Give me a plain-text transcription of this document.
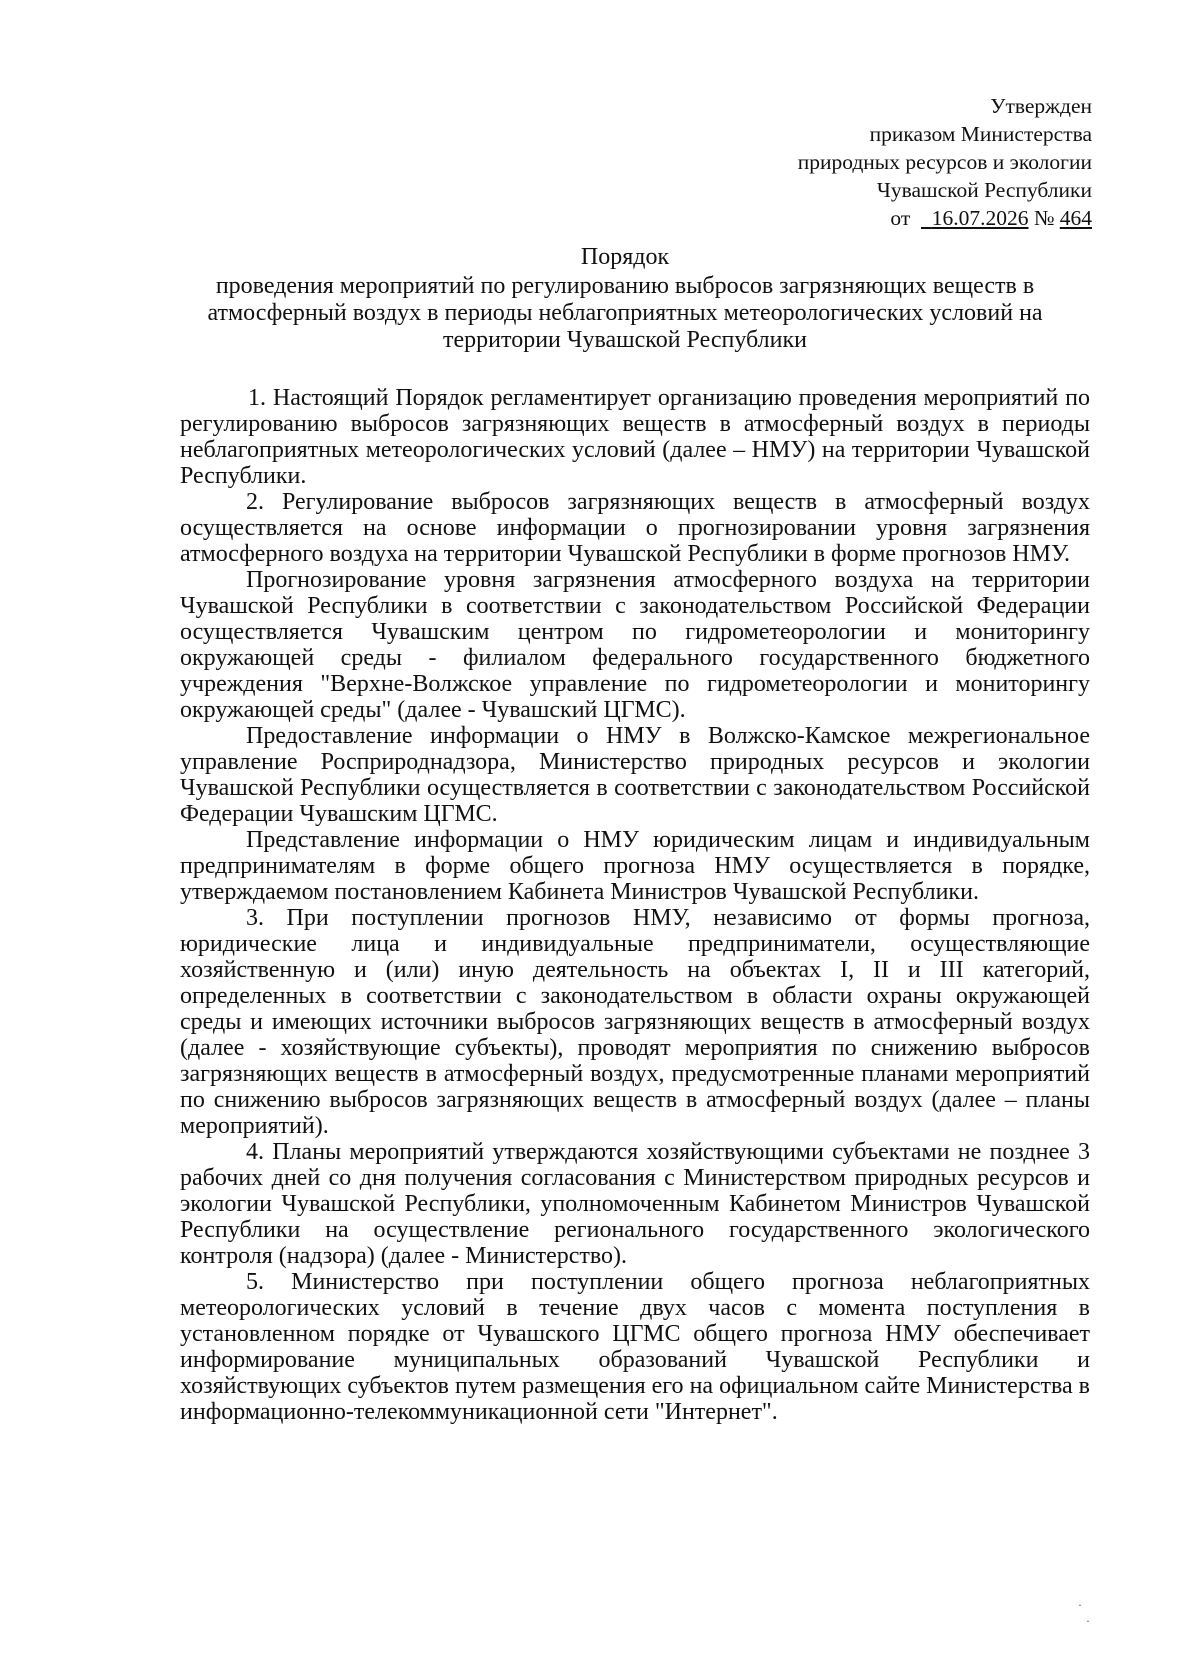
Утвержден
приказом Министерства
природных ресурсов и экологии
Чувашской Республики
от 16.07.2026 № 464
Порядок
проведения мероприятий по регулированию выбросов загрязняющих веществ в атмосферный воздух в периоды неблагоприятных метеорологических условий на территории Чувашской Республики

1. Настоящий Порядок регламентирует организацию проведения мероприятий по регулированию выбросов загрязняющих веществ в атмосферный воздух в периоды неблагоприятных метеорологических условий (далее – НМУ) на территории Чувашской Республики.

2. Регулирование выбросов загрязняющих веществ в атмосферный воздух осуществляется на основе информации о прогнозировании уровня загрязнения атмосферного воздуха на территории Чувашской Республики в форме прогнозов НМУ.

Прогнозирование уровня загрязнения атмосферного воздуха на территории Чувашской Республики в соответствии с законодательством Российской Федерации осуществляется Чувашским центром по гидрометеорологии и мониторингу окружающей среды - филиалом федерального государственного бюджетного учреждения "Верхне-Волжское управление по гидрометеорологии и мониторингу окружающей среды" (далее - Чувашский ЦГМС).

Предоставление информации о НМУ в Волжско-Камское межрегиональное управление Росприроднадзора, Министерство природных ресурсов и экологии Чувашской Республики осуществляется в соответствии с законодательством Российской Федерации Чувашским ЦГМС.

Представление информации о НМУ юридическим лицам и индивидуальным предпринимателям в форме общего прогноза НМУ осуществляется в порядке, утверждаемом постановлением Кабинета Министров Чувашской Республики.

3. При поступлении прогнозов НМУ, независимо от формы прогноза, юридические лица и индивидуальные предприниматели, осуществляющие хозяйственную и (или) иную деятельность на объектах I, II и III категорий, определенных в соответствии с законодательством в области охраны окружающей среды и имеющих источники выбросов загрязняющих веществ в атмосферный воздух (далее - хозяйствующие субъекты), проводят мероприятия по снижению выбросов загрязняющих веществ в атмосферный воздух, предусмотренные планами мероприятий по снижению выбросов загрязняющих веществ в атмосферный воздух (далее – планы мероприятий).

4. Планы мероприятий утверждаются хозяйствующими субъектами не позднее 3 рабочих дней со дня получения согласования с Министерством природных ресурсов и экологии Чувашской Республики, уполномоченным Кабинетом Министров Чувашской Республики на осуществление регионального государственного экологического контроля (надзора) (далее - Министерство).

5. Министерство при поступлении общего прогноза неблагоприятных метеорологических условий в течение двух часов с момента поступления в установленном порядке от Чувашского ЦГМС общего прогноза НМУ обеспечивает информирование муниципальных образований Чувашской Республики и хозяйствующих субъектов путем размещения его на официальном сайте Министерства в информационно-телекоммуникационной сети "Интернет".

·
·
